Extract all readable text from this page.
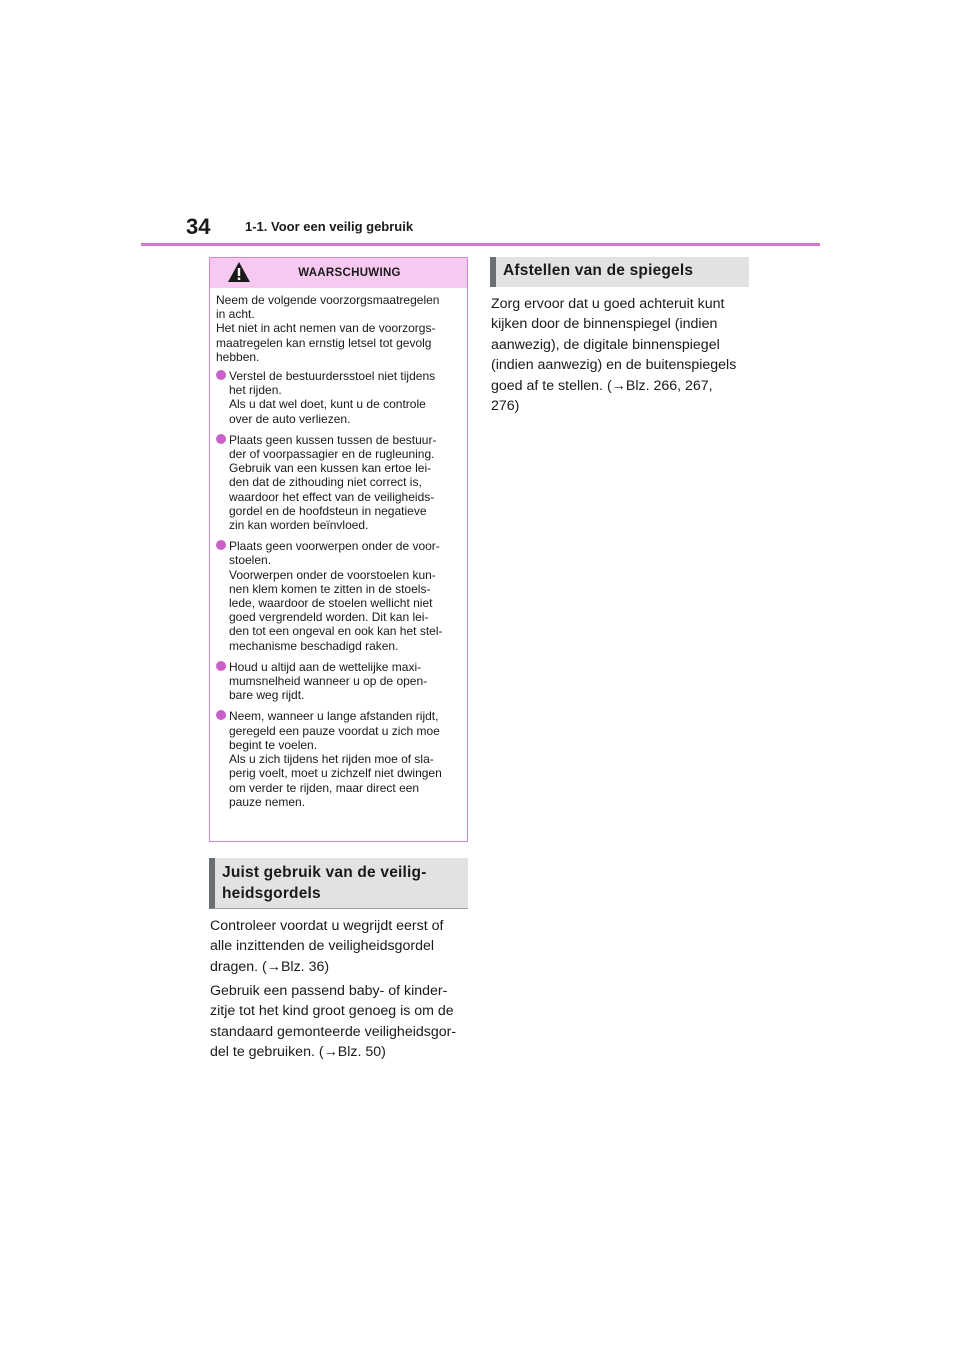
34	1-1. Voor een veilig gebruik
WAARSCHUWING

Neem de volgende voorzorgsmaatregelen
in acht.
Het niet in acht nemen van de voorzorgs-
maatregelen kan ernstig letsel tot gevolg
hebben.

Verstel de bestuurdersstoel niet tijdens
het rijden.
Als u dat wel doet, kunt u de controle
over de auto verliezen.
Plaats geen kussen tussen de bestuur-
der of voorpassagier en de rugleuning.
Gebruik van een kussen kan ertoe lei-
den dat de zithouding niet correct is,
waardoor het effect van de veiligheids-
gordel en de hoofdsteun in negatieve
zin kan worden beïnvloed.
Plaats geen voorwerpen onder de voor-
stoelen.
Voorwerpen onder de voorstoelen kun-
nen klem komen te zitten in de stoels-
lede, waardoor de stoelen wellicht niet
goed vergrendeld worden. Dit kan lei-
den tot een ongeval en ook kan het stel-
mechanisme beschadigd raken.
Houd u altijd aan de wettelijke maxi-
mumsnelheid wanneer u op de open-
bare weg rijdt.
Neem, wanneer u lange afstanden rijdt,
geregeld een pauze voordat u zich moe
begint te voelen.
Als u zich tijdens het rijden moe of sla-
perig voelt, moet u zichzelf niet dwingen
om verder te rijden, maar direct een
pauze nemen.
Juist gebruik van de veilig-
heidsgordels

Controleer voordat u wegrijdt eerst of
alle inzittenden de veiligheidsgordel
dragen. (→Blz. 36)

Gebruik een passend baby- of kinder-
zitje tot het kind groot genoeg is om de
standaard gemonteerde veiligheidsgor-
del te gebruiken. (→Blz. 50)

Afstellen van de spiegels

Zorg ervoor dat u goed achteruit kunt
kijken door de binnenspiegel (indien
aanwezig), de digitale binnenspiegel
(indien aanwezig) en de buitenspiegels
goed af te stellen. (→Blz. 266, 267,
276)
